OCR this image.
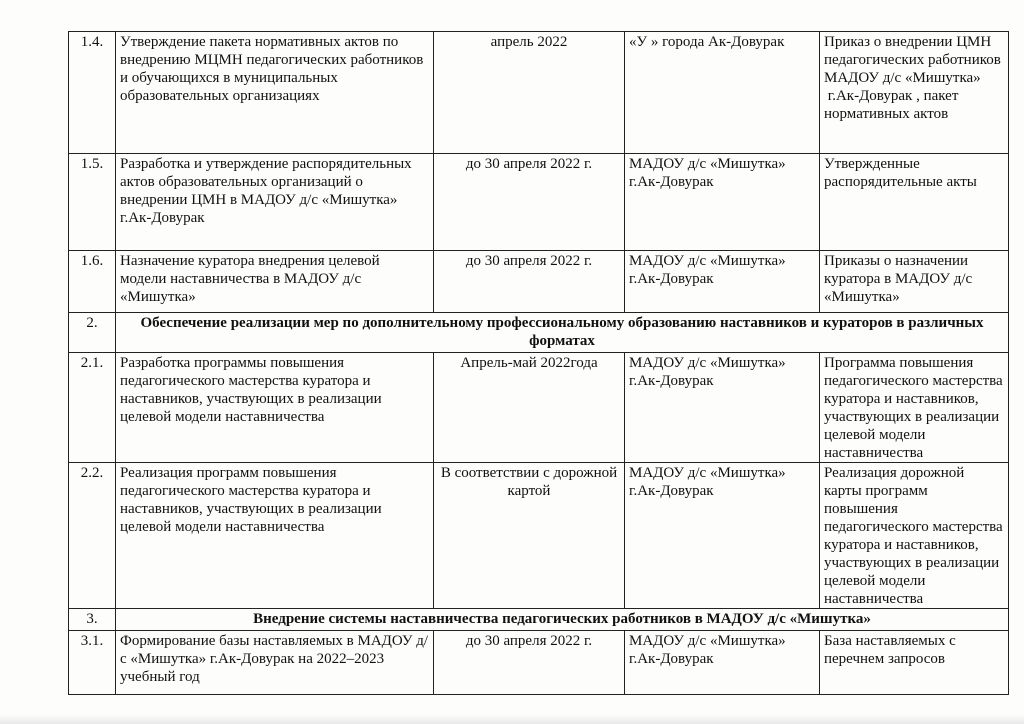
1.4.	Утверждение пакета нормативных актов по внедрению МЦМН педагогических работников и обучающихся в муниципальных образовательных организациях	апрель 2022	«У » города Ак-Довурак	Приказ о внедрении ЦМН педагогических работников МАДОУ д/с «Мишутка»
г.Ак-Довурак , пакет нормативных актов

1.5.	Разработка и утверждение распорядительных актов образовательных организаций о внедрении ЦМН в МАДОУ д/с «Мишутка» г.Ак-Довурак	до 30 апреля 2022 г.	МАДОУ д/с «Мишутка» г.Ак-Довурак	Утвержденные распорядительные акты

1.6.	Назначение куратора внедрения целевой модели наставничества в МАДОУ д/с «Мишутка»	до 30 апреля 2022 г.	МАДОУ д/с «Мишутка» г.Ак-Довурак	Приказы о назначении куратора в МАДОУ д/с «Мишутка»

2.	Обеспечение реализации мер по дополнительному профессиональному образованию наставников и кураторов в различных форматах			
2.1.	Разработка программы повышения педагогического мастерства куратора и наставников, участвующих в реализации целевой модели наставничества	Апрель-май 2022года	МАДОУ д/с «Мишутка» г.Ак-Довурак	Программа повышения педагогического мастерства куратора и наставников, участвующих в реализации целевой модели наставничества

2.2.	Реализация программ повышения педагогического мастерства куратора и наставников, участвующих в реализации целевой модели наставничества	В соответствии с дорожной картой	МАДОУ д/с «Мишутка» г.Ак-Довурак	Реализация дорожной карты программ повышения педагогического мастерства куратора и наставников, участвующих в реализации целевой модели наставничества

3.	Внедрение системы наставничества педагогических работников в МАДОУ д/с «Мишутка»			
3.1.	Формирование базы наставляемых в МАДОУ д/с «Мишутка» г.Ак-Довурак на 2022–2023 учебный год	до 30 апреля 2022 г.	МАДОУ д/с «Мишутка» г.Ак-Довурак	База наставляемых с перечнем запросов
